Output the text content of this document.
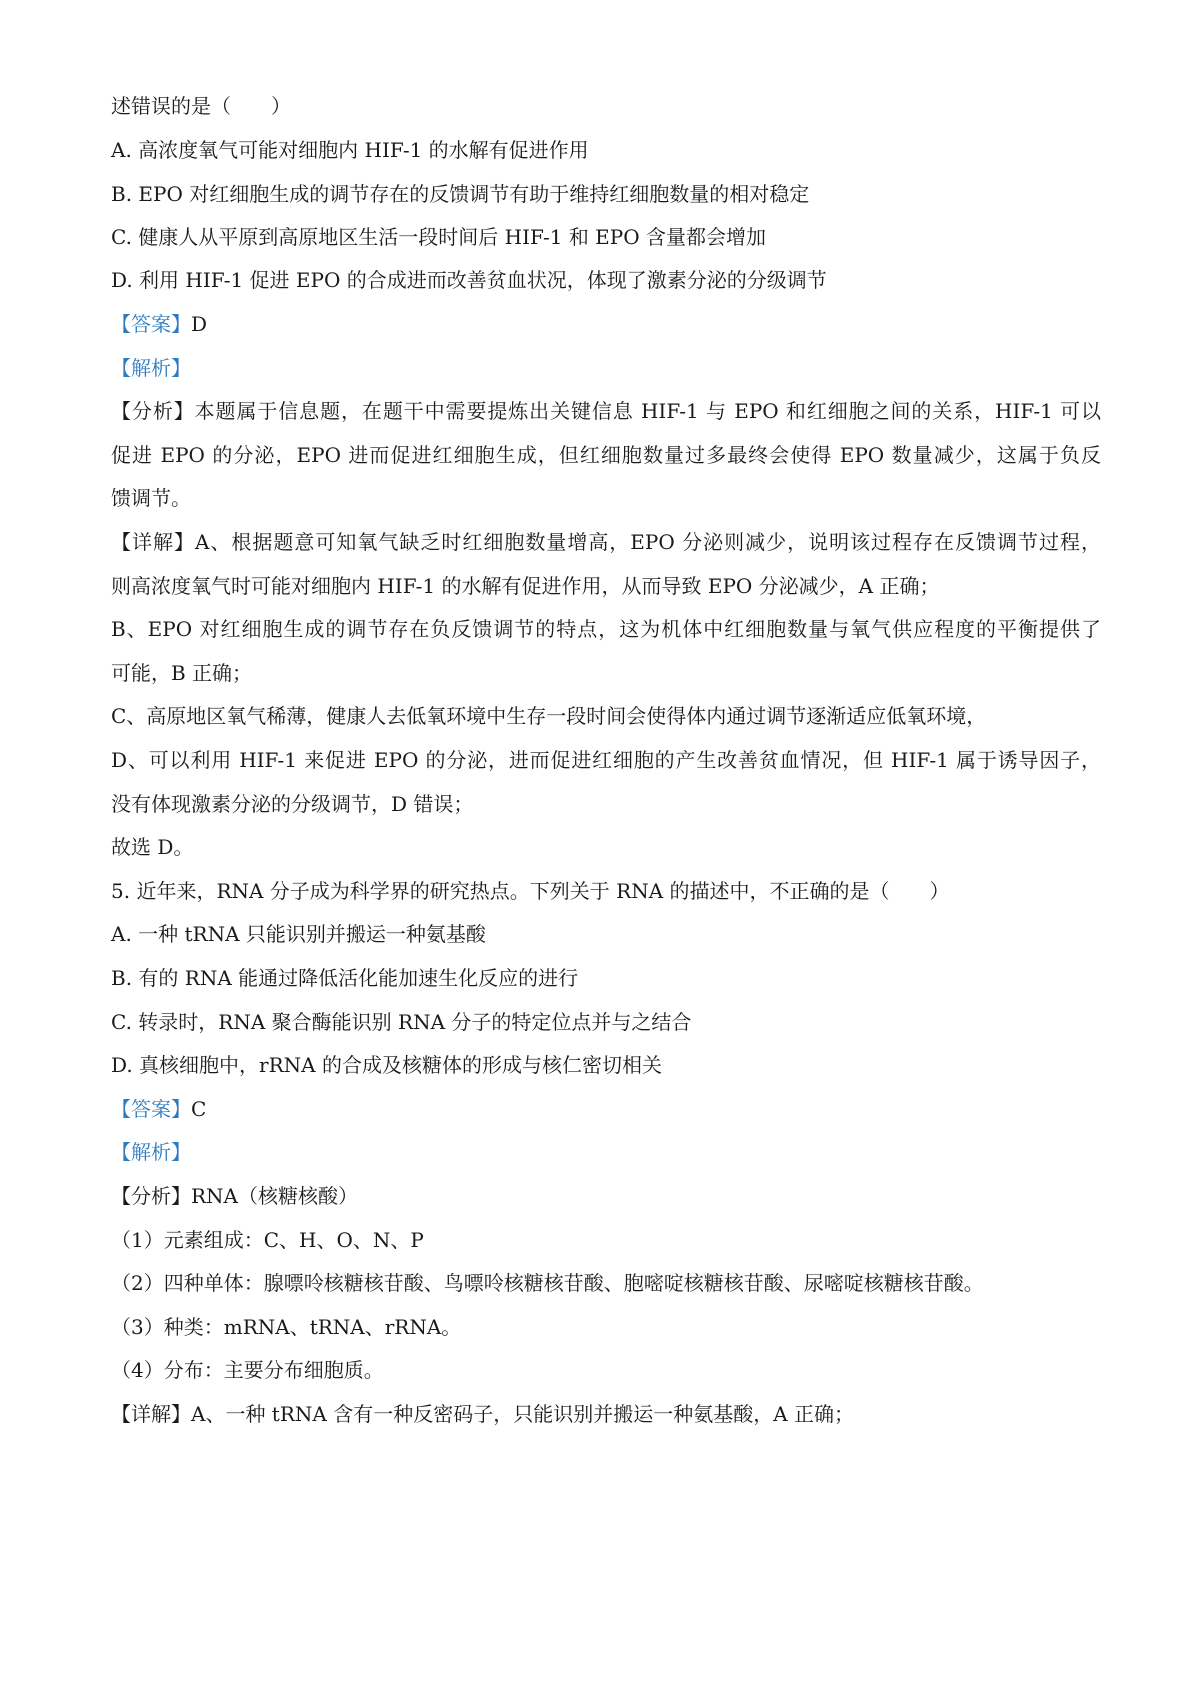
述错误的是（　　）
A. 高浓度氧气可能对细胞内 HIF-1 的水解有促进作用
B. EPO 对红细胞生成的调节存在的反馈调节有助于维持红细胞数量的相对稳定
C. 健康人从平原到高原地区生活一段时间后 HIF-1 和 EPO 含量都会增加
D. 利用 HIF-1 促进 EPO 的合成进而改善贫血状况，体现了激素分泌的分级调节
【答案】D
【解析】
【分析】本题属于信息题，在题干中需要提炼出关键信息 HIF-1 与 EPO 和红细胞之间的关系，HIF-1 可以
促进 EPO 的分泌，EPO 进而促进红细胞生成，但红细胞数量过多最终会使得 EPO 数量减少，这属于负反
馈调节。
【详解】A、根据题意可知氧气缺乏时红细胞数量增高，EPO 分泌则减少，说明该过程存在反馈调节过程，
则高浓度氧气时可能对细胞内 HIF-1 的水解有促进作用，从而导致 EPO 分泌减少，A 正确；
B、EPO 对红细胞生成的调节存在负反馈调节的特点，这为机体中红细胞数量与氧气供应程度的平衡提供了
可能，B 正确；
C、高原地区氧气稀薄，健康人去低氧环境中生存一段时间会使得体内通过调节逐渐适应低氧环境，
D、可以利用 HIF-1 来促进 EPO 的分泌，进而促进红细胞的产生改善贫血情况，但 HIF-1 属于诱导因子，
没有体现激素分泌的分级调节，D 错误；
故选 D。
5. 近年来，RNA 分子成为科学界的研究热点。下列关于 RNA 的描述中，不正确的是（　　）
A. 一种 tRNA 只能识别并搬运一种氨基酸
B. 有的 RNA 能通过降低活化能加速生化反应的进行
C. 转录时，RNA 聚合酶能识别 RNA 分子的特定位点并与之结合
D. 真核细胞中，rRNA 的合成及核糖体的形成与核仁密切相关
【答案】C
【解析】
【分析】RNA（核糖核酸）
（1）元素组成：C、H、O、N、P
（2）四种单体：腺嘌呤核糖核苷酸、鸟嘌呤核糖核苷酸、胞嘧啶核糖核苷酸、尿嘧啶核糖核苷酸。
（3）种类：mRNA、tRNA、rRNA。
（4）分布：主要分布细胞质。
【详解】A、一种 tRNA 含有一种反密码子，只能识别并搬运一种氨基酸，A 正确；
